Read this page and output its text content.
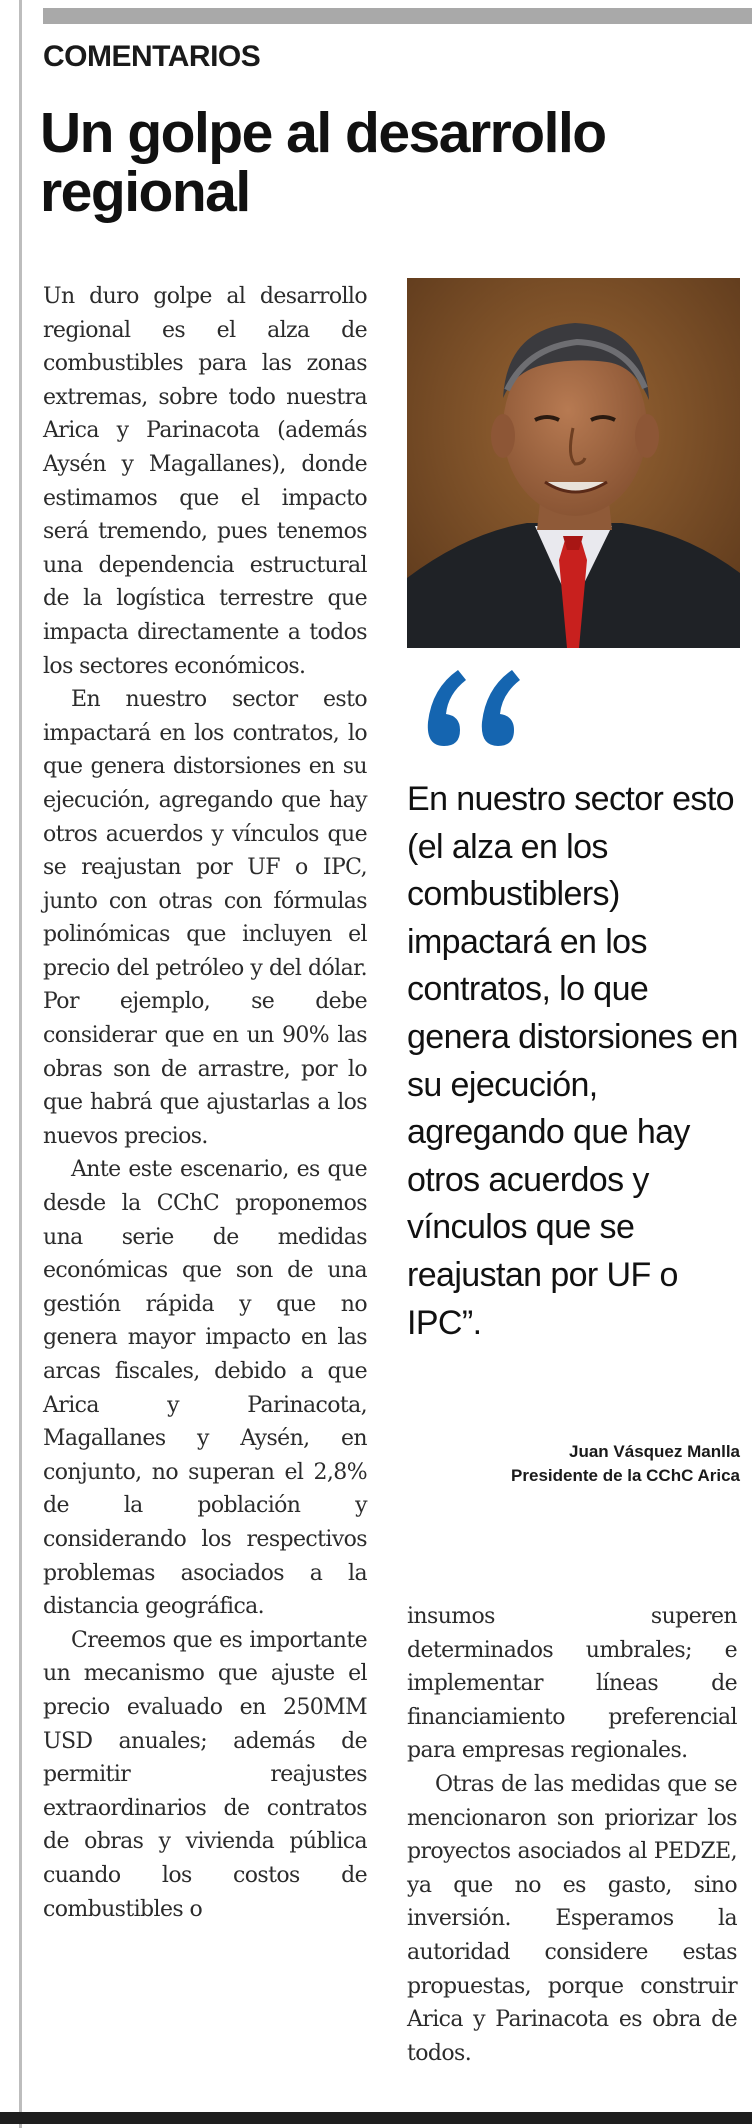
COMENTARIOS
Un golpe al desarrollo regional

Un duro golpe al desarrollo regional es el alza de combustibles para las zonas extremas, sobre todo nuestra Arica y Parinacota (además Aysén y Magallanes), donde estimamos que el impacto será tremendo, pues tenemos una dependencia estructural de la logística terrestre que impacta directamente a todos los sectores económicos.

En nuestro sector esto impactará en los contratos, lo que genera distorsiones en su ejecución, agregando que hay otros acuerdos y vínculos que se reajustan por UF o IPC, junto con otras con fórmulas polinómicas que incluyen el precio del petróleo y del dólar. Por ejemplo, se debe considerar que en un 90% las obras son de arrastre, por lo que habrá que ajustarlas a los nuevos precios.

Ante este escenario, es que desde la CChC proponemos una serie de medidas económicas que son de una gestión rápida y que no genera mayor impacto en las arcas fiscales, debido a que Arica y Parinacota, Magallanes y Aysén, en conjunto, no superan el 2,8% de la población y considerando los respectivos problemas asociados a la distancia geográfica.

Creemos que es importante un mecanismo que ajuste el precio evaluado en 250MM USD anuales; además de permitir reajustes extraordinarios de contratos de obras y vivienda pública cuando los costos de combustibles o

En nuestro sector esto (el alza en los combustiblers) impactará en los contratos, lo que genera distorsiones en su ejecución, agregando que hay otros acuerdos y vínculos que se reajustan por UF o IPC”.
Juan Vásquez Manlla
Presidente de la CChC Arica

insumos superen determinados umbrales; e implementar líneas de financiamiento preferencial para empresas regionales.

Otras de las medidas que se mencionaron son priorizar los proyectos asociados al PEDZE, ya que no es gasto, sino inversión. Esperamos la autoridad considere estas propuestas, porque construir Arica y Parinacota es obra de todos.
